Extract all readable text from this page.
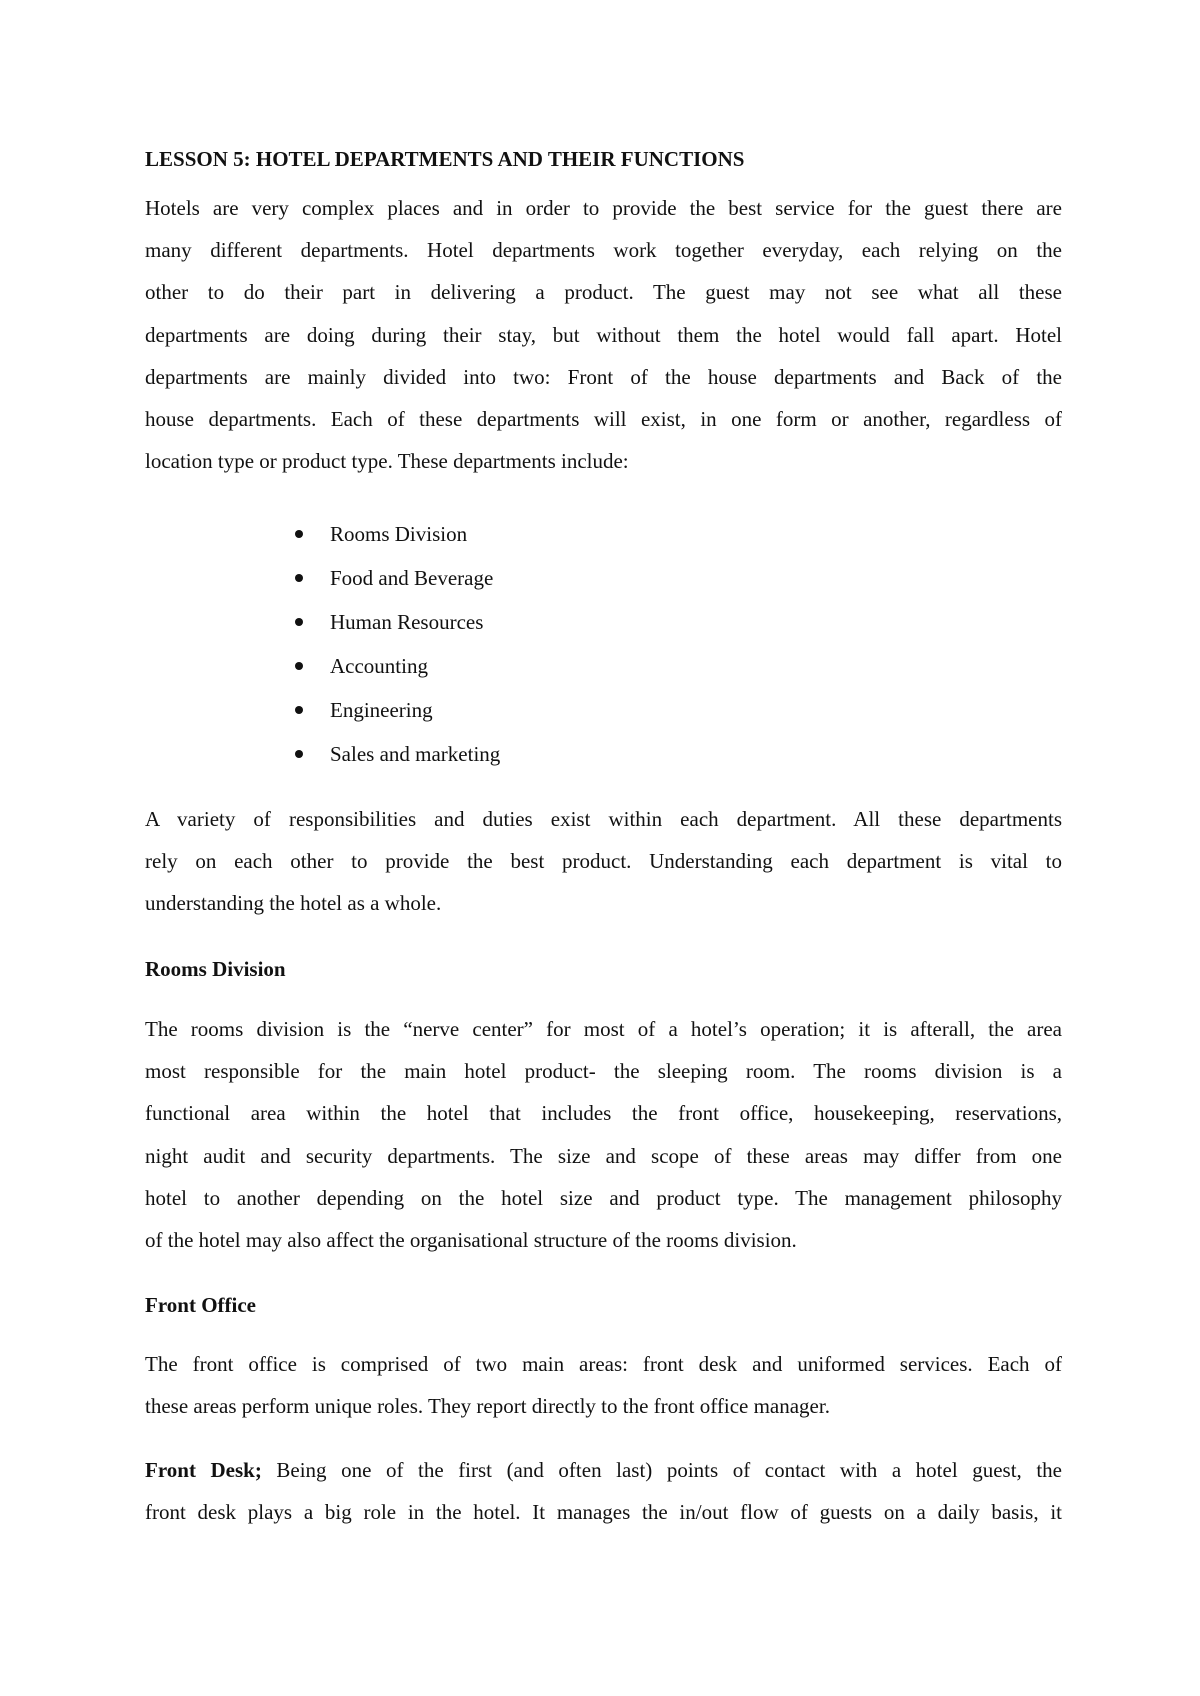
LESSON 5: HOTEL DEPARTMENTS AND THEIR FUNCTIONS
Hotels are very complex places and in order to provide the best service for the guest there are
many different departments. Hotel departments work together everyday, each relying on the
other to do their part in delivering a product. The guest may not see what all these
departments are doing during their stay, but without them the hotel would fall apart. Hotel
departments are mainly divided into two: Front of the house departments and Back of the
house departments. Each of these departments will exist, in one form or another, regardless of
location type or product type. These departments include:
Rooms Division
Food and Beverage
Human Resources
Accounting
Engineering
Sales and marketing
A variety of responsibilities and duties exist within each department. All these departments
rely on each other to provide the best product. Understanding each department is vital to
understanding the hotel as a whole.
Rooms Division
The rooms division is the “nerve center” for most of a hotel’s operation; it is afterall, the area
most responsible for the main hotel product- the sleeping room. The rooms division is a
functional area within the hotel that includes the front office, housekeeping, reservations,
night audit and security departments. The size and scope of these areas may differ from one
hotel to another depending on the hotel size and product type. The management philosophy
of the hotel may also affect the organisational structure of the rooms division.
Front Office
The front office is comprised of two main areas: front desk and uniformed services. Each of
these areas perform unique roles. They report directly to the front office manager.
Front Desk; Being one of the first (and often last) points of contact with a hotel guest, the
front desk plays a big role in the hotel. It manages the in/out flow of guests on a daily basis, it
